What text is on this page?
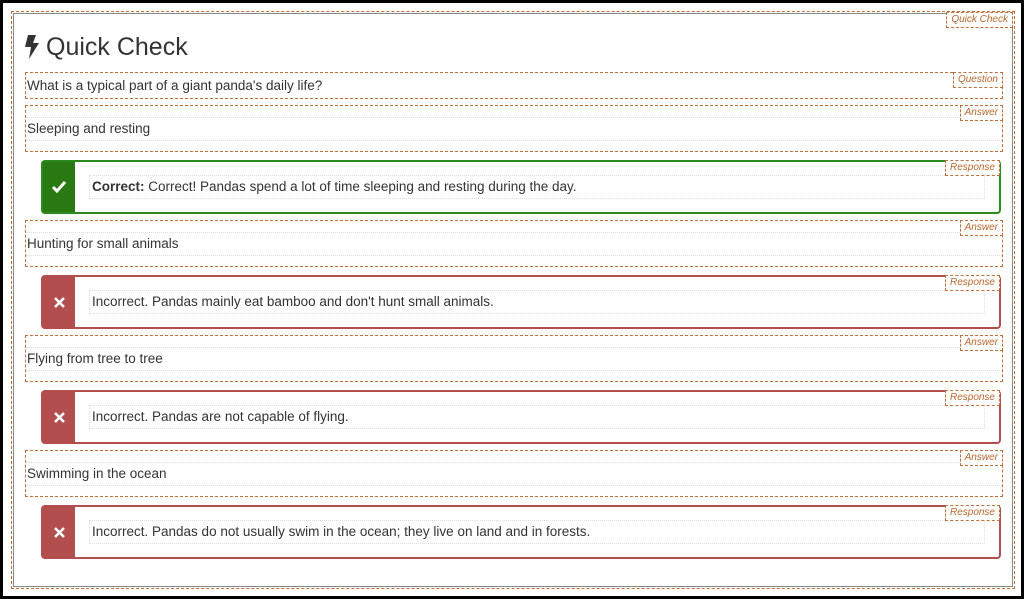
Quick Check
Quick Check
What is a typical part of a giant panda's daily life?	Question
Sleeping and resting
Answer
Correct: Correct! Pandas spend a lot of time sleeping and resting during the day.
Response
Hunting for small animals
Answer
Incorrect. Pandas mainly eat bamboo and don't hunt small animals.
Response
Flying from tree to tree
Answer
Incorrect. Pandas are not capable of flying.
Response
Swimming in the ocean
Answer
Incorrect. Pandas do not usually swim in the ocean; they live on land and in forests.
Response
